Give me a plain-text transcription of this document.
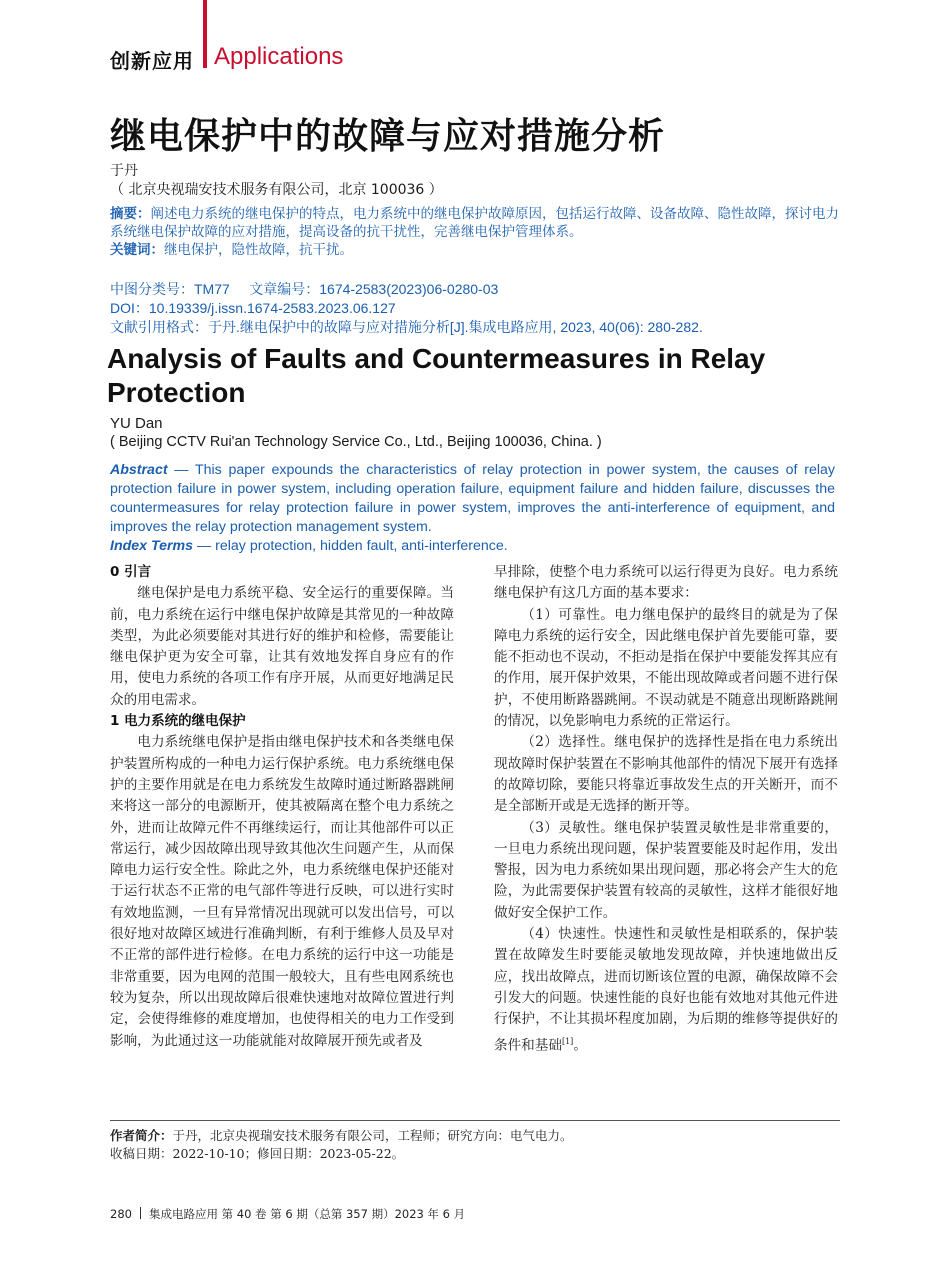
创新应用 Applications
继电保护中的故障与应对措施分析
于丹
（ 北京央视瑞安技术服务有限公司，北京 100036 ）
摘要：阐述电力系统的继电保护的特点，电力系统中的继电保护故障原因，包括运行故障、设备故障、隐性故障，探讨电力系统继电保护故障的应对措施，提高设备的抗干扰性，完善继电保护管理体系。
关键词：继电保护，隐性故障，抗干扰。
中图分类号：TM77 文章编号：1674-2583(2023)06-0280-03
DOI：10.19339/j.issn.1674-2583.2023.06.127
文献引用格式：于丹.继电保护中的故障与应对措施分析[J].集成电路应用, 2023, 40(06): 280-282.
Analysis of Faults and Countermeasures in Relay Protection
YU Dan
( Beijing CCTV Rui'an Technology Service Co., Ltd., Beijing 100036, China. )
Abstract — This paper expounds the characteristics of relay protection in power system, the causes of relay protection failure in power system, including operation failure, equipment failure and hidden failure, discusses the countermeasures for relay protection failure in power system, improves the anti-interference of equipment, and improves the relay protection management system.
Index Terms — relay protection, hidden fault, anti-interference.
0 引言

继电保护是电力系统平稳、安全运行的重要保障。当前，电力系统在运行中继电保护故障是其常见的一种故障类型，为此必须要能对其进行好的维护和检修，需要能让继电保护更为安全可靠，让其有效地发挥自身应有的作用，使电力系统的各项工作有序开展，从而更好地满足民众的用电需求。

1 电力系统的继电保护

电力系统继电保护是指由继电保护技术和各类继电保护装置所构成的一种电力运行保护系统。电力系统继电保护的主要作用就是在电力系统发生故障时通过断路器跳闸来将这一部分的电源断开，使其被隔离在整个电力系统之外，进而让故障元件不再继续运行，而让其他部件可以正常运行，减少因故障出现导致其他次生问题产生，从而保障电力运行安全性。除此之外，电力系统继电保护还能对于运行状态不正常的电气部件等进行反映，可以进行实时有效地监测，一旦有异常情况出现就可以发出信号，可以很好地对故障区域进行准确判断，有利于维修人员及早对不正常的部件进行检修。在电力系统的运行中这一功能是非常重要，因为电网的范围一般较大，且有些电网系统也较为复杂，所以出现故障后很难快速地对故障位置进行判定，会使得维修的难度增加，也使得相关的电力工作受到影响，为此通过这一功能就能对故障展开预先或者及

早排除，使整个电力系统可以运行得更为良好。电力系统继电保护有这几方面的基本要求：

（1）可靠性。电力继电保护的最终目的就是为了保障电力系统的运行安全，因此继电保护首先要能可靠，要能不拒动也不误动，不拒动是指在保护中要能发挥其应有的作用，展开保护效果，不能出现故障或者问题不进行保护，不使用断路器跳闸。不误动就是不随意出现断路跳闸的情况，以免影响电力系统的正常运行。

（2）选择性。继电保护的选择性是指在电力系统出现故障时保护装置在不影响其他部件的情况下展开有选择的故障切除，要能只将靠近事故发生点的开关断开，而不是全部断开或是无选择的断开等。

（3）灵敏性。继电保护装置灵敏性是非常重要的，一旦电力系统出现问题，保护装置要能及时起作用，发出警报，因为电力系统如果出现问题，那必将会产生大的危险，为此需要保护装置有较高的灵敏性，这样才能很好地做好安全保护工作。

（4）快速性。快速性和灵敏性是相联系的，保护装置在故障发生时要能灵敏地发现故障，并快速地做出反应，找出故障点，进而切断该位置的电源，确保故障不会引发大的问题。快速性能的良好也能有效地对其他元件进行保护，不让其损坏程度加剧，为后期的维修等提供好的条件和基础[1]。

作者简介：于丹，北京央视瑞安技术服务有限公司，工程师；研究方向：电气电力。
收稿日期：2022-10-10；修回日期：2023-05-22。
280 集成电路应用 第 40 卷 第 6 期（总第 357 期）2023 年 6 月
